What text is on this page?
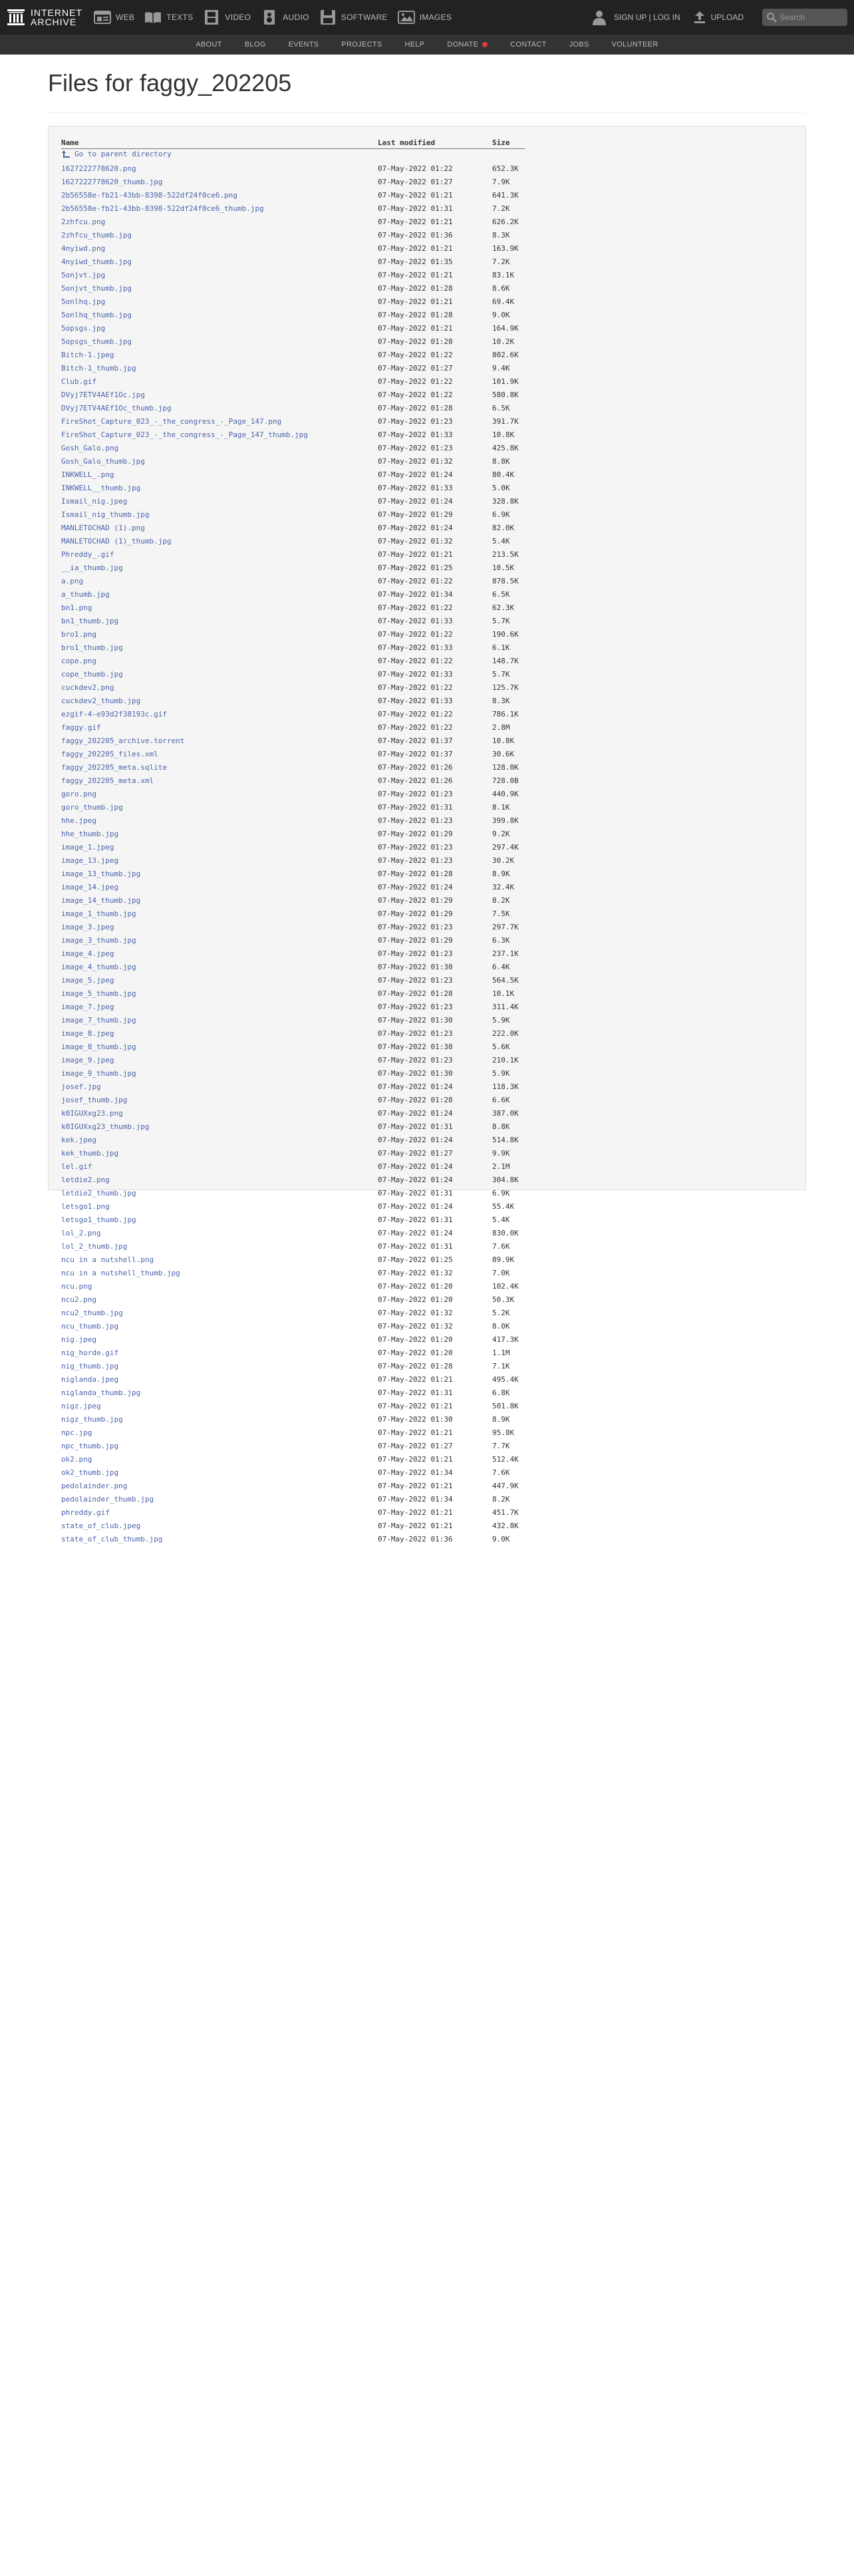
INTERNET
ARCHIVE	WEB	TEXTS	VIDEO	AUDIO	SOFTWARE	IMAGES	SIGN UP | LOG IN	UPLOAD
Search
ABOUT	BLOG	EVENTS	PROJECTS	HELP	DONATE	CONTACT	JOBS	VOLUNTEER
Files for faggy_202205
Name	Last modified	Size

Go to parent directory		

1627222778620.png	07-May-2022 01:22	652.3K
1627222778620_thumb.jpg	07-May-2022 01:27	7.9K
2b56558e-fb21-43bb-8398-522df24f0ce6.png	07-May-2022 01:21	641.3K
2b56558e-fb21-43bb-8398-522df24f0ce6_thumb.jpg	07-May-2022 01:31	7.2K
2zhfcu.png	07-May-2022 01:21	626.2K
2zhfcu_thumb.jpg	07-May-2022 01:36	8.3K
4nyiwd.png	07-May-2022 01:21	163.9K
4nyiwd_thumb.jpg	07-May-2022 01:35	7.2K
5onjvt.jpg	07-May-2022 01:21	83.1K
5onjvt_thumb.jpg	07-May-2022 01:28	8.6K
5onlhq.jpg	07-May-2022 01:21	69.4K
5onlhq_thumb.jpg	07-May-2022 01:28	9.0K
5opsgs.jpg	07-May-2022 01:21	164.9K
5opsgs_thumb.jpg	07-May-2022 01:28	10.2K
Bitch-1.jpeg	07-May-2022 01:22	802.6K
Bitch-1_thumb.jpg	07-May-2022 01:27	9.4K
Club.gif	07-May-2022 01:22	101.9K
DVyj7ETV4AEf1Oc.jpg	07-May-2022 01:22	580.8K
DVyj7ETV4AEf1Oc_thumb.jpg	07-May-2022 01:28	6.5K
FireShot_Capture_023_-_the_congress_-_Page_147.png	07-May-2022 01:23	391.7K
FireShot_Capture_023_-_the_congress_-_Page_147_thumb.jpg	07-May-2022 01:33	10.8K
Gosh_Galo.png	07-May-2022 01:23	425.8K
Gosh_Galo_thumb.jpg	07-May-2022 01:32	8.8K
INKWELL_.png	07-May-2022 01:24	80.4K
INKWELL__thumb.jpg	07-May-2022 01:33	5.0K
Ismail_nig.jpeg	07-May-2022 01:24	328.8K
Ismail_nig_thumb.jpg	07-May-2022 01:29	6.9K
MANLETOCHAD (1).png	07-May-2022 01:24	82.0K
MANLETOCHAD (1)_thumb.jpg	07-May-2022 01:32	5.4K
Phreddy_.gif	07-May-2022 01:21	213.5K
__ia_thumb.jpg	07-May-2022 01:25	10.5K
a.png	07-May-2022 01:22	878.5K
a_thumb.jpg	07-May-2022 01:34	6.5K
bn1.png	07-May-2022 01:22	62.3K
bn1_thumb.jpg	07-May-2022 01:33	5.7K
bro1.png	07-May-2022 01:22	190.6K
bro1_thumb.jpg	07-May-2022 01:33	6.1K
cope.png	07-May-2022 01:22	148.7K
cope_thumb.jpg	07-May-2022 01:33	5.7K
cuckdev2.png	07-May-2022 01:22	125.7K
cuckdev2_thumb.jpg	07-May-2022 01:33	8.3K
ezgif-4-e93d2f38193c.gif	07-May-2022 01:22	786.1K
faggy.gif	07-May-2022 01:22	2.8M
faggy_202205_archive.torrent	07-May-2022 01:37	10.8K
faggy_202205_files.xml	07-May-2022 01:37	30.6K
faggy_202205_meta.sqlite	07-May-2022 01:26	128.0K
faggy_202205_meta.xml	07-May-2022 01:26	728.0B
goro.png	07-May-2022 01:23	440.9K
goro_thumb.jpg	07-May-2022 01:31	8.1K
hhe.jpeg	07-May-2022 01:23	399.8K
hhe_thumb.jpg	07-May-2022 01:29	9.2K
image_1.jpeg	07-May-2022 01:23	297.4K
image_13.jpeg	07-May-2022 01:23	30.2K
image_13_thumb.jpg	07-May-2022 01:28	8.9K
image_14.jpeg	07-May-2022 01:24	32.4K
image_14_thumb.jpg	07-May-2022 01:29	8.2K
image_1_thumb.jpg	07-May-2022 01:29	7.5K
image_3.jpeg	07-May-2022 01:23	297.7K
image_3_thumb.jpg	07-May-2022 01:29	6.3K
image_4.jpeg	07-May-2022 01:23	237.1K
image_4_thumb.jpg	07-May-2022 01:30	6.4K
image_5.jpeg	07-May-2022 01:23	564.5K
image_5_thumb.jpg	07-May-2022 01:28	10.1K
image_7.jpeg	07-May-2022 01:23	311.4K
image_7_thumb.jpg	07-May-2022 01:30	5.9K
image_8.jpeg	07-May-2022 01:23	222.0K
image_8_thumb.jpg	07-May-2022 01:30	5.6K
image_9.jpeg	07-May-2022 01:23	210.1K
image_9_thumb.jpg	07-May-2022 01:30	5.9K
josef.jpg	07-May-2022 01:24	118.3K
josef_thumb.jpg	07-May-2022 01:28	6.6K
k0IGUXxg23.png	07-May-2022 01:24	387.0K
k0IGUXxg23_thumb.jpg	07-May-2022 01:31	8.8K
kek.jpeg	07-May-2022 01:24	514.8K
kek_thumb.jpg	07-May-2022 01:27	9.9K
lel.gif	07-May-2022 01:24	2.1M
letdie2.png	07-May-2022 01:24	304.8K
letdie2_thumb.jpg	07-May-2022 01:31	6.9K
letsgo1.png	07-May-2022 01:24	55.4K
letsgo1_thumb.jpg	07-May-2022 01:31	5.4K
lol_2.png	07-May-2022 01:24	830.0K
lol_2_thumb.jpg	07-May-2022 01:31	7.6K
ncu in a nutshell.png	07-May-2022 01:25	89.9K
ncu in a nutshell_thumb.jpg	07-May-2022 01:32	7.0K
ncu.png	07-May-2022 01:20	102.4K
ncu2.png	07-May-2022 01:20	50.3K
ncu2_thumb.jpg	07-May-2022 01:32	5.2K
ncu_thumb.jpg	07-May-2022 01:32	8.0K
nig.jpeg	07-May-2022 01:20	417.3K
nig_horde.gif	07-May-2022 01:20	1.1M
nig_thumb.jpg	07-May-2022 01:28	7.1K
niglanda.jpeg	07-May-2022 01:21	495.4K
niglanda_thumb.jpg	07-May-2022 01:31	6.8K
nigz.jpeg	07-May-2022 01:21	501.8K
nigz_thumb.jpg	07-May-2022 01:30	8.9K
npc.jpg	07-May-2022 01:21	95.8K
npc_thumb.jpg	07-May-2022 01:27	7.7K
ok2.png	07-May-2022 01:21	512.4K
ok2_thumb.jpg	07-May-2022 01:34	7.6K
pedolainder.png	07-May-2022 01:21	447.9K
pedolainder_thumb.jpg	07-May-2022 01:34	8.2K
phreddy.gif	07-May-2022 01:21	451.7K
state_of_club.jpeg	07-May-2022 01:21	432.8K
state_of_club_thumb.jpg	07-May-2022 01:36	9.0K
